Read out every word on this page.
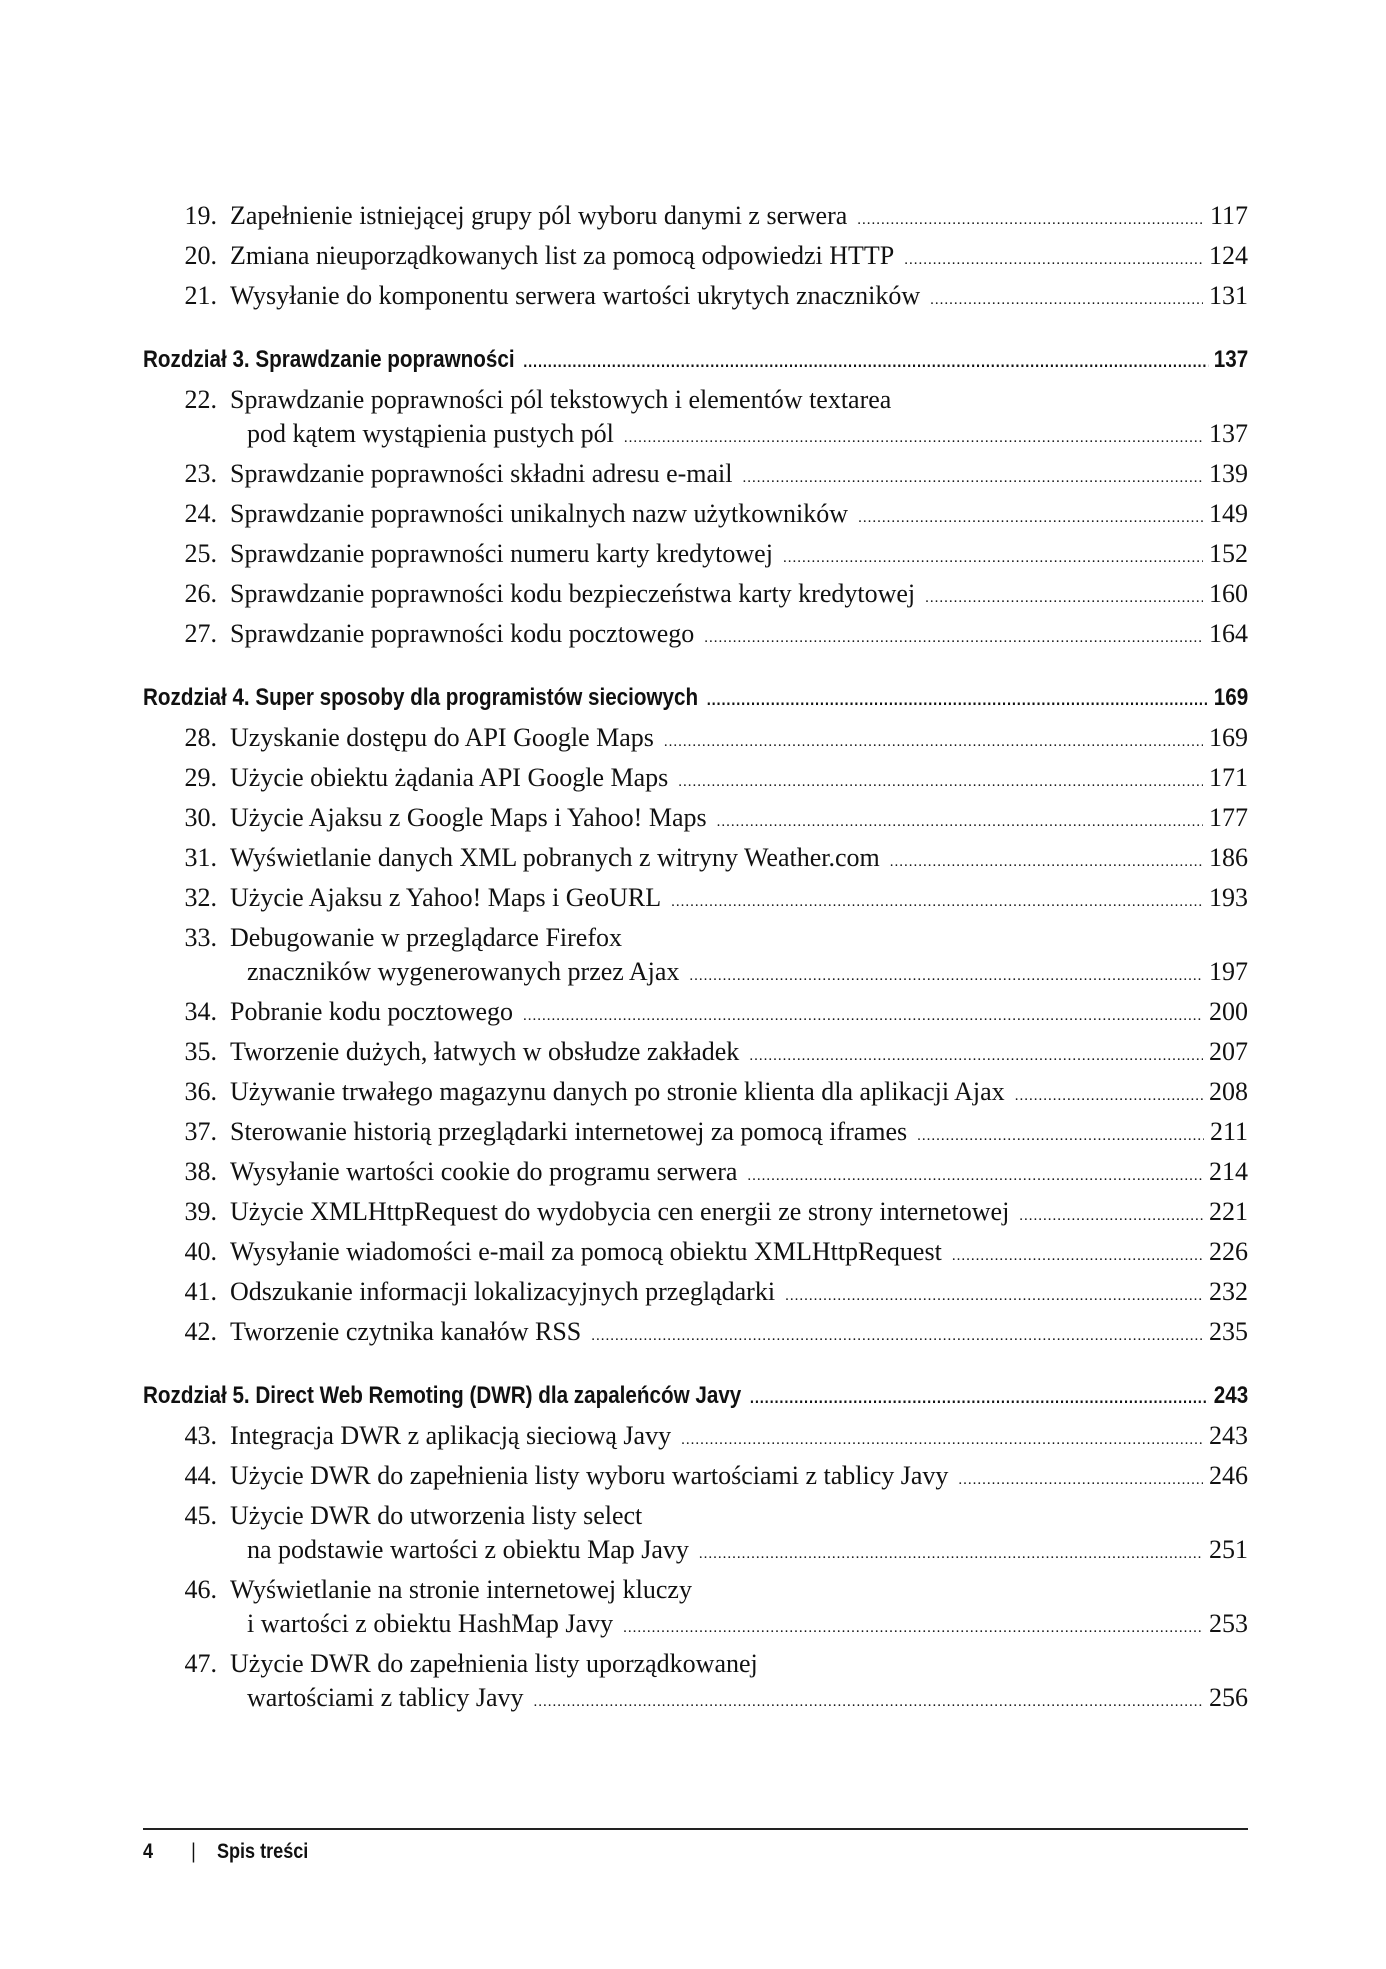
19. Zapełnienie istniejącej grupy pól wyboru danymi z serwera .....	117
20. Zmiana nieuporządkowanych list za pomocą odpowiedzi HTTP .....	124
21. Wysyłanie do komponentu serwera wartości ukrytych znaczników .....	131
Rozdział 3. Sprawdzanie poprawności .....	137
22. Sprawdzanie poprawności pól tekstowych i elementów textarea
pod kątem wystąpienia pustych pól .....	137
23. Sprawdzanie poprawności składni adresu e-mail .....	139
24. Sprawdzanie poprawności unikalnych nazw użytkowników .....	149
25. Sprawdzanie poprawności numeru karty kredytowej .....	152
26. Sprawdzanie poprawności kodu bezpieczeństwa karty kredytowej .....	160
27. Sprawdzanie poprawności kodu pocztowego .....	164
Rozdział 4. Super sposoby dla programistów sieciowych .....	169
28. Uzyskanie dostępu do API Google Maps .....	169
29. Użycie obiektu żądania API Google Maps .....	171
30. Użycie Ajaksu z Google Maps i Yahoo! Maps .....	177
31. Wyświetlanie danych XML pobranych z witryny Weather.com .....	186
32. Użycie Ajaksu z Yahoo! Maps i GeoURL .....	193
33. Debugowanie w przeglądarce Firefox
znaczników wygenerowanych przez Ajax .....	197
34. Pobranie kodu pocztowego .....	200
35. Tworzenie dużych, łatwych w obsłudze zakładek .....	207
36. Używanie trwałego magazynu danych po stronie klienta dla aplikacji Ajax .....	208
37. Sterowanie historią przeglądarki internetowej za pomocą iframes .....	211
38. Wysyłanie wartości cookie do programu serwera .....	214
39. Użycie XMLHttpRequest do wydobycia cen energii ze strony internetowej .....	221
40. Wysyłanie wiadomości e-mail za pomocą obiektu XMLHttpRequest .....	226
41. Odszukanie informacji lokalizacyjnych przeglądarki .....	232
42. Tworzenie czytnika kanałów RSS .....	235
Rozdział 5. Direct Web Remoting (DWR) dla zapaleńców Javy .....	243
43. Integracja DWR z aplikacją sieciową Javy .....	243
44. Użycie DWR do zapełnienia listy wyboru wartościami z tablicy Javy .....	246
45. Użycie DWR do utworzenia listy select
na podstawie wartości z obiektu Map Javy .....	251
46. Wyświetlanie na stronie internetowej kluczy
i wartości z obiektu HashMap Javy .....	253
47. Użycie DWR do zapełnienia listy uporządkowanej
wartościami z tablicy Javy .....	256
4	|	Spis treści
